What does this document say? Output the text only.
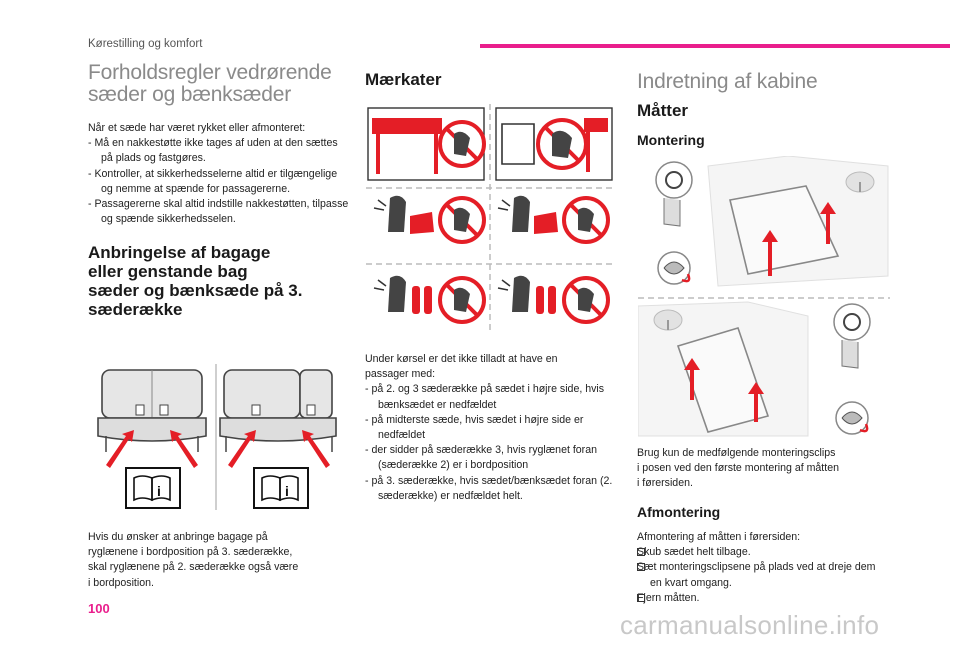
Kørestilling og komfort
Forholdsregler vedrørende
sæder og bænksæder
Når et sæde har været rykket eller afmonteret:
- Må en nakkestøtte ikke tages af uden at den sættes på plads og fastgøres.
- Kontroller, at sikkerhedsselerne altid er tilgængelige og nemme at spænde for passagererne.
- Passagererne skal altid indstille nakkestøtten, tilpasse og spænde sikkerhedsselen.
Anbringelse af bagage
eller genstande bag
sæder og bænksæde på 3.
sæderække
i	i
Hvis du ønsker at anbringe bagage på
ryglænene i bordposition på 3. sæderække,
skal ryglænene på 2. sæderække også være
i bordposition.
Mærkater
Under kørsel er det ikke tilladt at have en
passager med:
- på 2. og 3 sæderække på sædet i højre side, hvis bænksædet er nedfældet
- på midterste sæde, hvis sædet i højre side er nedfældet
- der sidder på sæderække 3, hvis ryglænet foran (sæderække 2) er i bordposition
- på 3. sæderække, hvis sædet/bænksædet foran (2. sæderække) er nedfældet helt.
Indretning af kabine
Måtter
Montering
Brug kun de medfølgende monteringsclips
i posen ved den første montering af måtten
i førersiden.
Afmontering
Afmontering af måtten i førersiden:
Skub sædet helt tilbage.
Sæt monteringsclipsene på plads ved at dreje dem en kvart omgang.
Fjern måtten.
100
carmanualsonline.info
